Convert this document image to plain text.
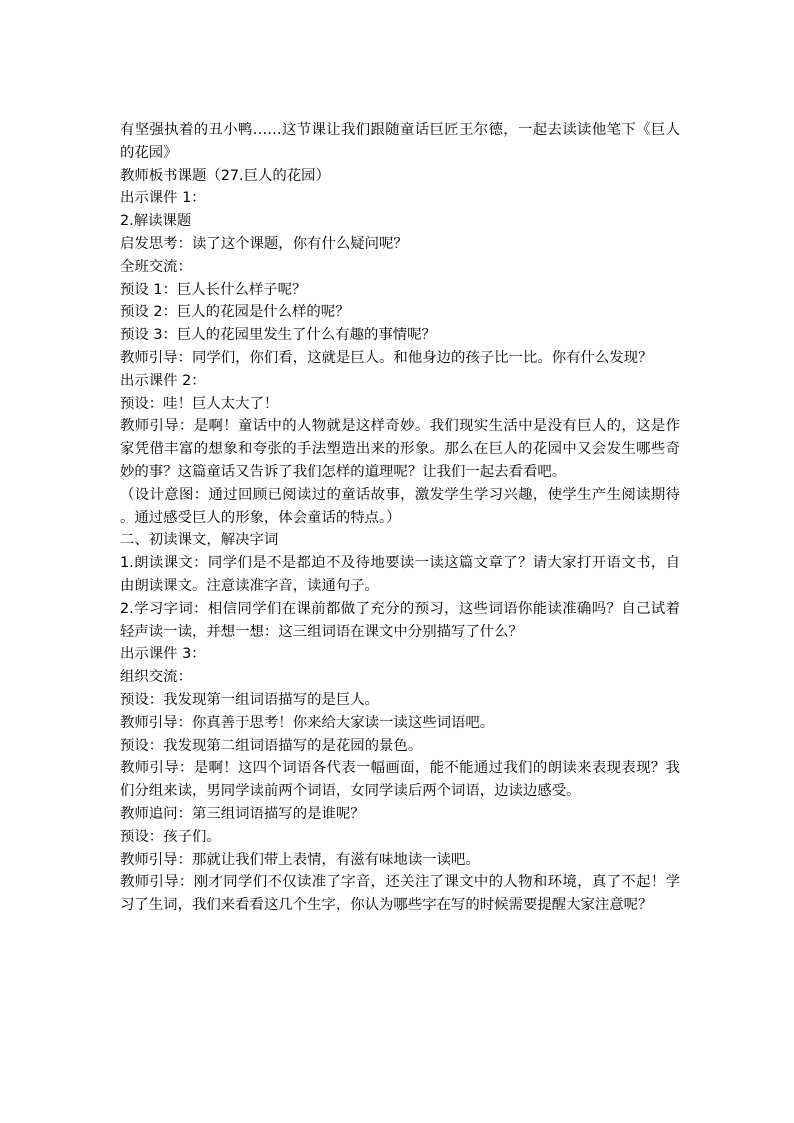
有坚强执着的丑小鸭……这节课让我们跟随童话巨匠王尔德，一起去读读他笔下《巨人的花园》

教师板书课题（27.巨人的花园）

出示课件 1：

2.解读课题

启发思考：读了这个课题，你有什么疑问呢？

全班交流：

预设 1：巨人长什么样子呢？

预设 2：巨人的花园是什么样的呢？

预设 3：巨人的花园里发生了什么有趣的事情呢？

教师引导：同学们，你们看，这就是巨人。和他身边的孩子比一比。你有什么发现？

出示课件 2：

预设：哇！巨人太大了！

教师引导：是啊！童话中的人物就是这样奇妙。我们现实生活中是没有巨人的，这是作家凭借丰富的想象和夸张的手法塑造出来的形象。那么在巨人的花园中又会发生哪些奇妙的事？这篇童话又告诉了我们怎样的道理呢？让我们一起去看看吧。

（设计意图：通过回顾已阅读过的童话故事，激发学生学习兴趣，使学生产生阅读期待。通过感受巨人的形象，体会童话的特点。）

二、初读课文，解决字词

1.朗读课文：同学们是不是都迫不及待地要读一读这篇文章了？请大家打开语文书，自由朗读课文。注意读准字音，读通句子。

2.学习字词：相信同学们在课前都做了充分的预习，这些词语你能读准确吗？自己试着轻声读一读，并想一想：这三组词语在课文中分别描写了什么？

出示课件 3：

组织交流：

预设：我发现第一组词语描写的是巨人。

教师引导：你真善于思考！你来给大家读一读这些词语吧。

预设：我发现第二组词语描写的是花园的景色。

教师引导：是啊！这四个词语各代表一幅画面，能不能通过我们的朗读来表现表现？我们分组来读，男同学读前两个词语，女同学读后两个词语，边读边感受。

教师追问：第三组词语描写的是谁呢？

预设：孩子们。

教师引导：那就让我们带上表情，有滋有味地读一读吧。

教师引导：刚才同学们不仅读准了字音，还关注了课文中的人物和环境，真了不起！学习了生词，我们来看看这几个生字，你认为哪些字在写的时候需要提醒大家注意呢？
